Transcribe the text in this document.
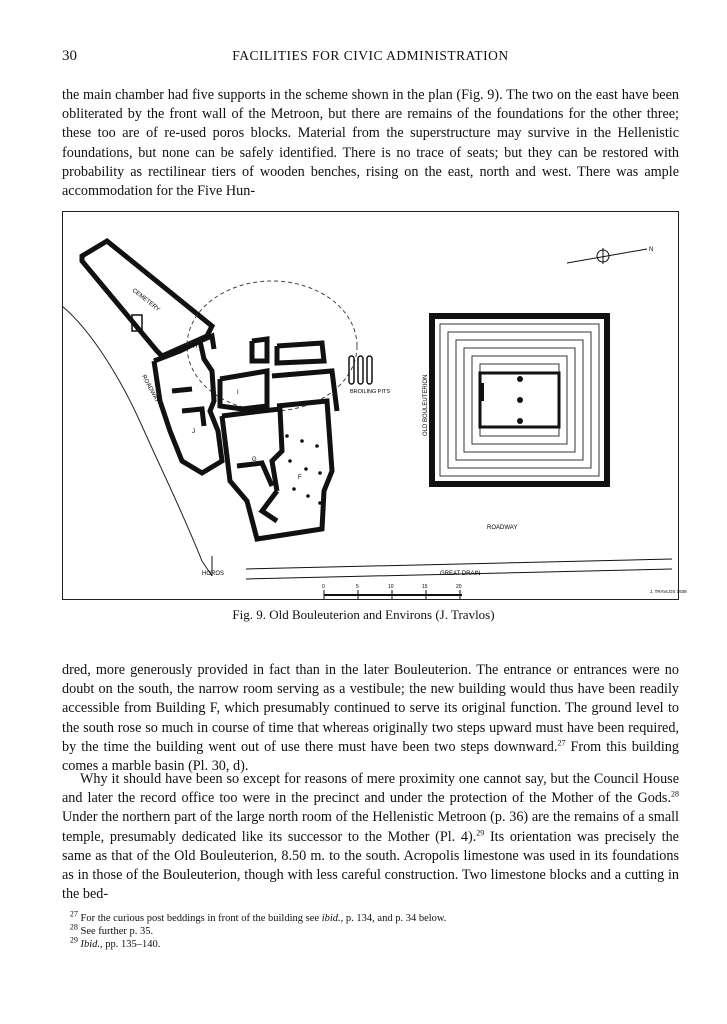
30	FACILITIES FOR CIVIC ADMINISTRATION

the main chamber had five supports in the scheme shown in the plan (Fig. 9). The two on the east have been obliterated by the front wall of the Metroon, but there are remains of the foundations for the other three; these too are of re-used poros blocks. Material from the superstructure may survive in the Hellenistic foundations, but none can be safely identified. There is no trace of seats; but they can be restored with probability as rectilinear tiers of wooden benches, rising on the east, north and west. There was ample accommodation for the Five Hun-

CEMETERY
ROADWAY	OLD BOULEUTERION
BROILING PITS
ROADWAY
GREAT DRAIN
HOROS
N
H
I
J
F
G
J. TRAVLOS 1939
0	5	10	15	20
Fig. 9. Old Bouleuterion and Environs (J. Travlos)

dred, more generously provided in fact than in the later Bouleuterion. The entrance or entrances were no doubt on the south, the narrow room serving as a vestibule; the new building would thus have been readily accessible from Building F, which presumably continued to serve its original function. The ground level to the south rose so much in course of time that whereas originally two steps upward must have been required, by the time the building went out of use there must have been two steps downward.$^{27}$ From this building comes a marble basin (Pl. 30, d).

Why it should have been so except for reasons of mere proximity one cannot say, but the Council House and later the record office too were in the precinct and under the protection of the Mother of the Gods.$^{28}$ Under the northern part of the large north room of the Hellenistic Metroon (p. 36) are the remains of a small temple, presumably dedicated like its successor to the Mother (Pl. 4).$^{29}$ Its orientation was precisely the same as that of the Old Bouleuterion, 8.50 m. to the south. Acropolis limestone was used in its foundations as in those of the Bouleuterion, though with less careful construction. Two limestone blocks and a cutting in the bed-

$^{27}$ For the curious post beddings in front of the building see ibid., p. 134, and p. 34 below.
$^{28}$ See further p. 35.
$^{29}$ Ibid., pp. 135–140.
